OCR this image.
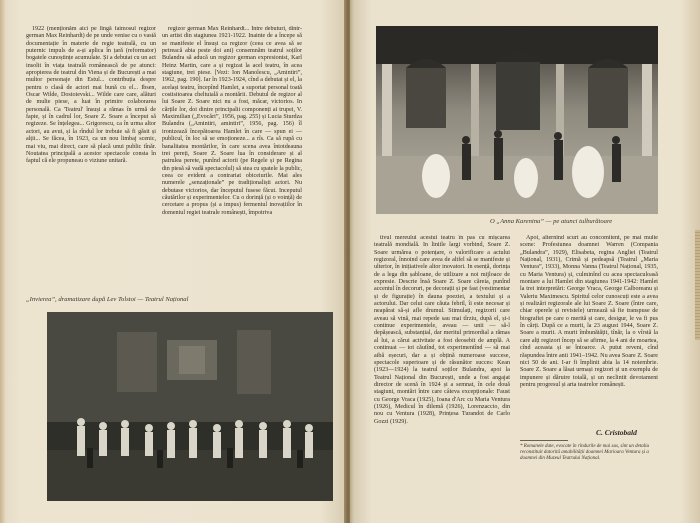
1922 (menționăm aici pe lîngă faimosul regizor german Max Reinhardt) de pe unde venise cu o vastă documentație în materie de regie teatrală, cu un puternic impuls de a-și aplica în țară (reformator) bogatele cunoștințe acumulate. Și a debutat cu un act insolit în viața teatrală românească de pe atunci: apropierea de teatrul din Viena și de București a mai multor personaje din Estul... contribuția despre pentru o clasă de actori mai bună cu el... Ibsen, Oscar Wilde, Dostoievski... Wilde care care, alături de multe piese, a luat în primire colaborarea personală. Ca 'Teatrul' însuși a rămas în urmă de fapte, și în cadrul lor, Soare Z. Soare a început să regizeze. Se înțelegea... Grigorescu, ca în urma altor actori, au avut, și la rîndul lor trebuie să fi găsit și alții... Se făcea, în 1923, ca un nou limbaj scenic, mai viu, mai direct, care să placă unui public tînăr. Noutatea principală a acestor spectacole consta în faptul că ele propuneau o viziune unitară.

regizor german Max Reinhardt... Intre debuturi, dintr-un artist din stagiunea 1921-1922. Inainte de a începe să se manifeste el însuși ca regizor (ceea ce avea să se petreacă abia peste doi ani) consemnăm teatrul soților Bulandra să aducă un regizor german expresionist, Karl Heinz Martin, care a și regizat la acel teatru, în acea stagiune, trei piese. [Vezi: Ion Manolescu, „Amintiri”, 1962, pag. 190]. Iar în 1923-1924, cînd a debutat și el, la același teatru, începînd Hamlet, a suportat personal toată costisitoarea cheltuială a montării. Debutul de regizor al lui Soare Z. Soare nici nu a fost, măcar, victorios. In cărțile lor, doi dintre principalii componenți ai trupei, V. Maximilian („Evocări”, 1956, pag. 255) și Lucia Sturdza Bulandra („Amintiri, amintiri”, 1956, pag. 156) îl ironizează începătoarea Hamlet în care — spun ei — publicul, în loc să se emoționeze... a rîs. Ca să rupă cu banalitatea montărilor, în care scena avea întotdeauna trei pereți, Soare Z. Soare lua în considerare și al patrulea perete, punînd actorii (pe Regele și pe Regina din piesă să vadă spectacolul) să stea cu spatele la public, ceea ce evident a contrariat obiceiurile. Mai ales numerele „senzaționale” pe tradiționaliști actori. Nu debutase victorios, dar începutul fusese făcut. Inceputul căutărilor și experimentelor. Cu o dorință (și o voință) de cercetare a propus (și a impus) fermentul inovațiilor în domeniul regiei teatrale românești, împotriva

„Invierea”, dramatizare după Lev Tolstoi — Teatrul Național
O „Anna Karenina” — pe atunci tulburătoare

tivul mereului acestui teatru în pas cu mișcarea teatrală mondială. In liniile largi vorbind, Soare Z. Soare urmărea o potențare, o valorificare a actului regizoral, înnoind care avea de altfel să se manifeste și ulterior, în inițiativele altor inovatori. In esență, dorința de a lega din șabloane, de utilizare a noi mijloace de expresie. Descrie însă Soare Z. Soare căreia, punînd accentul în decoruri, pe decorații și pe fast (vestimentar și de figurație) în dauna poeziei, a textului și a actorului. Dar celui care căuta febril, îi este necesar și neapărat să-și afle drumul. Stimulați, regizorii care aveau să vină, mai repede sau mai tîrziu, după el, și-i continue experimentele, aveau — unii — să-l depășească, substanțial, dar meritul primordial a rămas al lui, a cărui activitate a fost deosebit de amplă. A continuat — tot căutînd, tot experimentînd — să mai aibă eșecuri, dar a și obțină numeroase succese, spectacole superioare și de răsunător succes: Kean (1923—1924) la teatrul soților Bulandra, apoi la Teatrul Național din București, unde a fost angajat director de scenă în 1924 și a semnat, în cele două stagiuni, montări între care câteva excepționale: Faust cu George Vraca (1925), Ioana d'Arc cu Maria Ventura (1926), Medicul în dilemă (1926), Lorenzaccio, din nou cu Ventura (1928), Prințesa Turandot de Carlo Gozzi (1929).

Apoi, alternînd scurt au concomitent, pe mai multe scene: Profesiunea doamnei Warren (Compania „Bulandra”, 1929), Elisabeta, regina Angliei (Teatrul Național, 1931), Crimă și pedeapsă (Teatrul „Maria Ventura”, 1933), Monna Vanna (Teatrul Național, 1935, cu Maria Ventura) și, culminînd cu acea spectaculoasă montare a lui Hamlet din stagiunea 1941-1942: Hamlet la trei interpretări: George Vraca, George Calboreanu și Valeriu Maximescu. Spiritul celor cunoscuți este a avea și realizări regizorale ale lui Soare Z. Soare (între care, chiar operele și revistele) urmează să fie transpuse de biografiei pe care o merită și care, desigur, le va fi pus în cărți. După ce a murit, la 23 august 1944, Soare Z. Soare a murit. A murit îmbunătățit, tînăr, la o vîrstă la care alți regizori încep să se afirme, la 4 ani de moartea, cînd aceasta și se întoarce. A putut reveni, cînd răspundea între anii 1941–1942. Nu avea Soare Z. Soare nici 50 de ani. I-ar fi împlinit abia la 14 noiembrie. Soare Z. Soare a lăsat urmași regizori și un exemplu de impunere și dăruire totală, și un neclintit devotament pentru progresul și arta teatrelor românești.

C. Cristobald
* Romanele date, evocate în rîndurile de mai sus, sînt un detaliu reconstituit datorită amabilității doamnei Marioara Ventura și a doamnei din Muzeul Teatrului Național.
